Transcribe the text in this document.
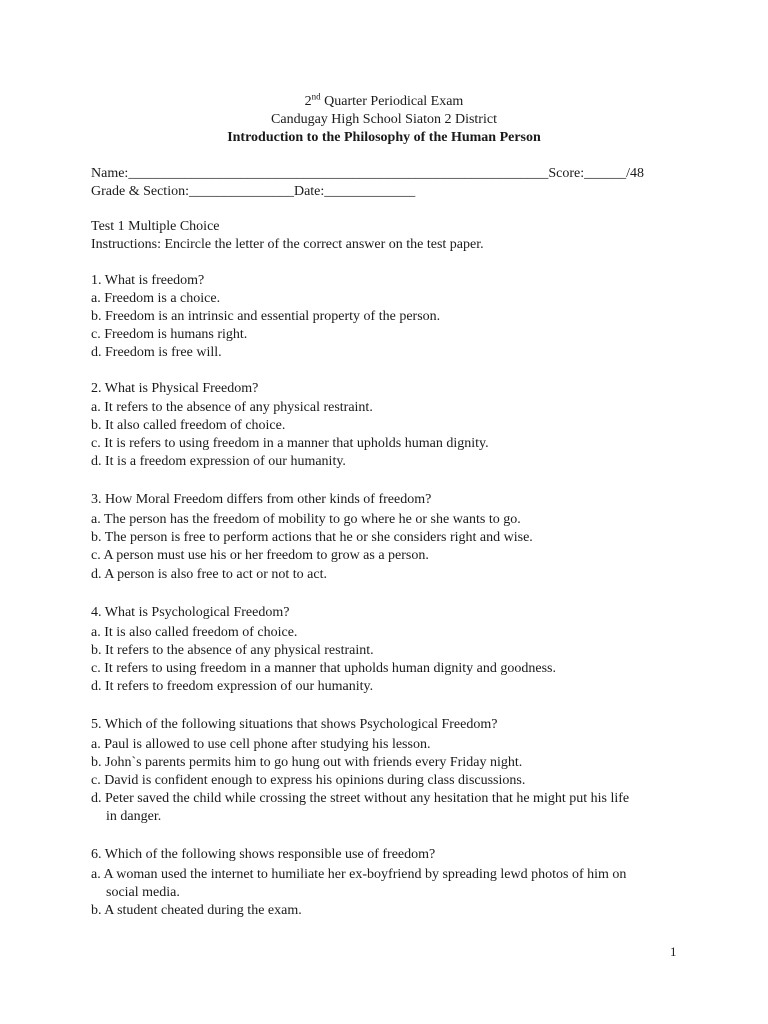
2nd Quarter Periodical Exam
Candugay High School Siaton 2 District
Introduction to the Philosophy of the Human Person
Name:____________________________________________________________Score:______/48
Grade & Section:_______________Date:_____________
Test 1 Multiple Choice
Instructions: Encircle the letter of the correct answer on the test paper.
1. What is freedom?
a. Freedom is a choice.
b. Freedom is an intrinsic and essential property of the person.
c. Freedom is humans right.
d. Freedom is free will.
2. What is Physical Freedom?
a. It refers to the absence of any physical restraint.
b. It also called freedom of choice.
c. It is refers to using freedom in a manner that upholds human dignity.
d. It is a freedom expression of our humanity.
3. How Moral Freedom differs from other kinds of freedom?
a. The person has the freedom of mobility to go where he or she wants to go.
b. The person is free to perform actions that he or she considers right and wise.
c. A person must use his or her freedom to grow as a person.
d. A person is also free to act or not to act.
4. What is Psychological Freedom?
a. It is also called freedom of choice.
b. It refers to the absence of any physical restraint.
c. It refers to using freedom in a manner that upholds human dignity and goodness.
d. It refers to freedom expression of our humanity.
5. Which of the following situations that shows Psychological Freedom?
a. Paul is allowed to use cell phone after studying his lesson.
b. John`s parents permits him to go hung out with friends every Friday night.
c. David is confident enough to express his opinions during class discussions.
d. Peter saved the child while crossing the street without any hesitation that he might put his life
in danger.
6. Which of the following shows responsible use of freedom?
a. A woman used the internet to humiliate her ex-boyfriend by spreading lewd photos of him on
social media.
b. A student cheated during the exam.
1
